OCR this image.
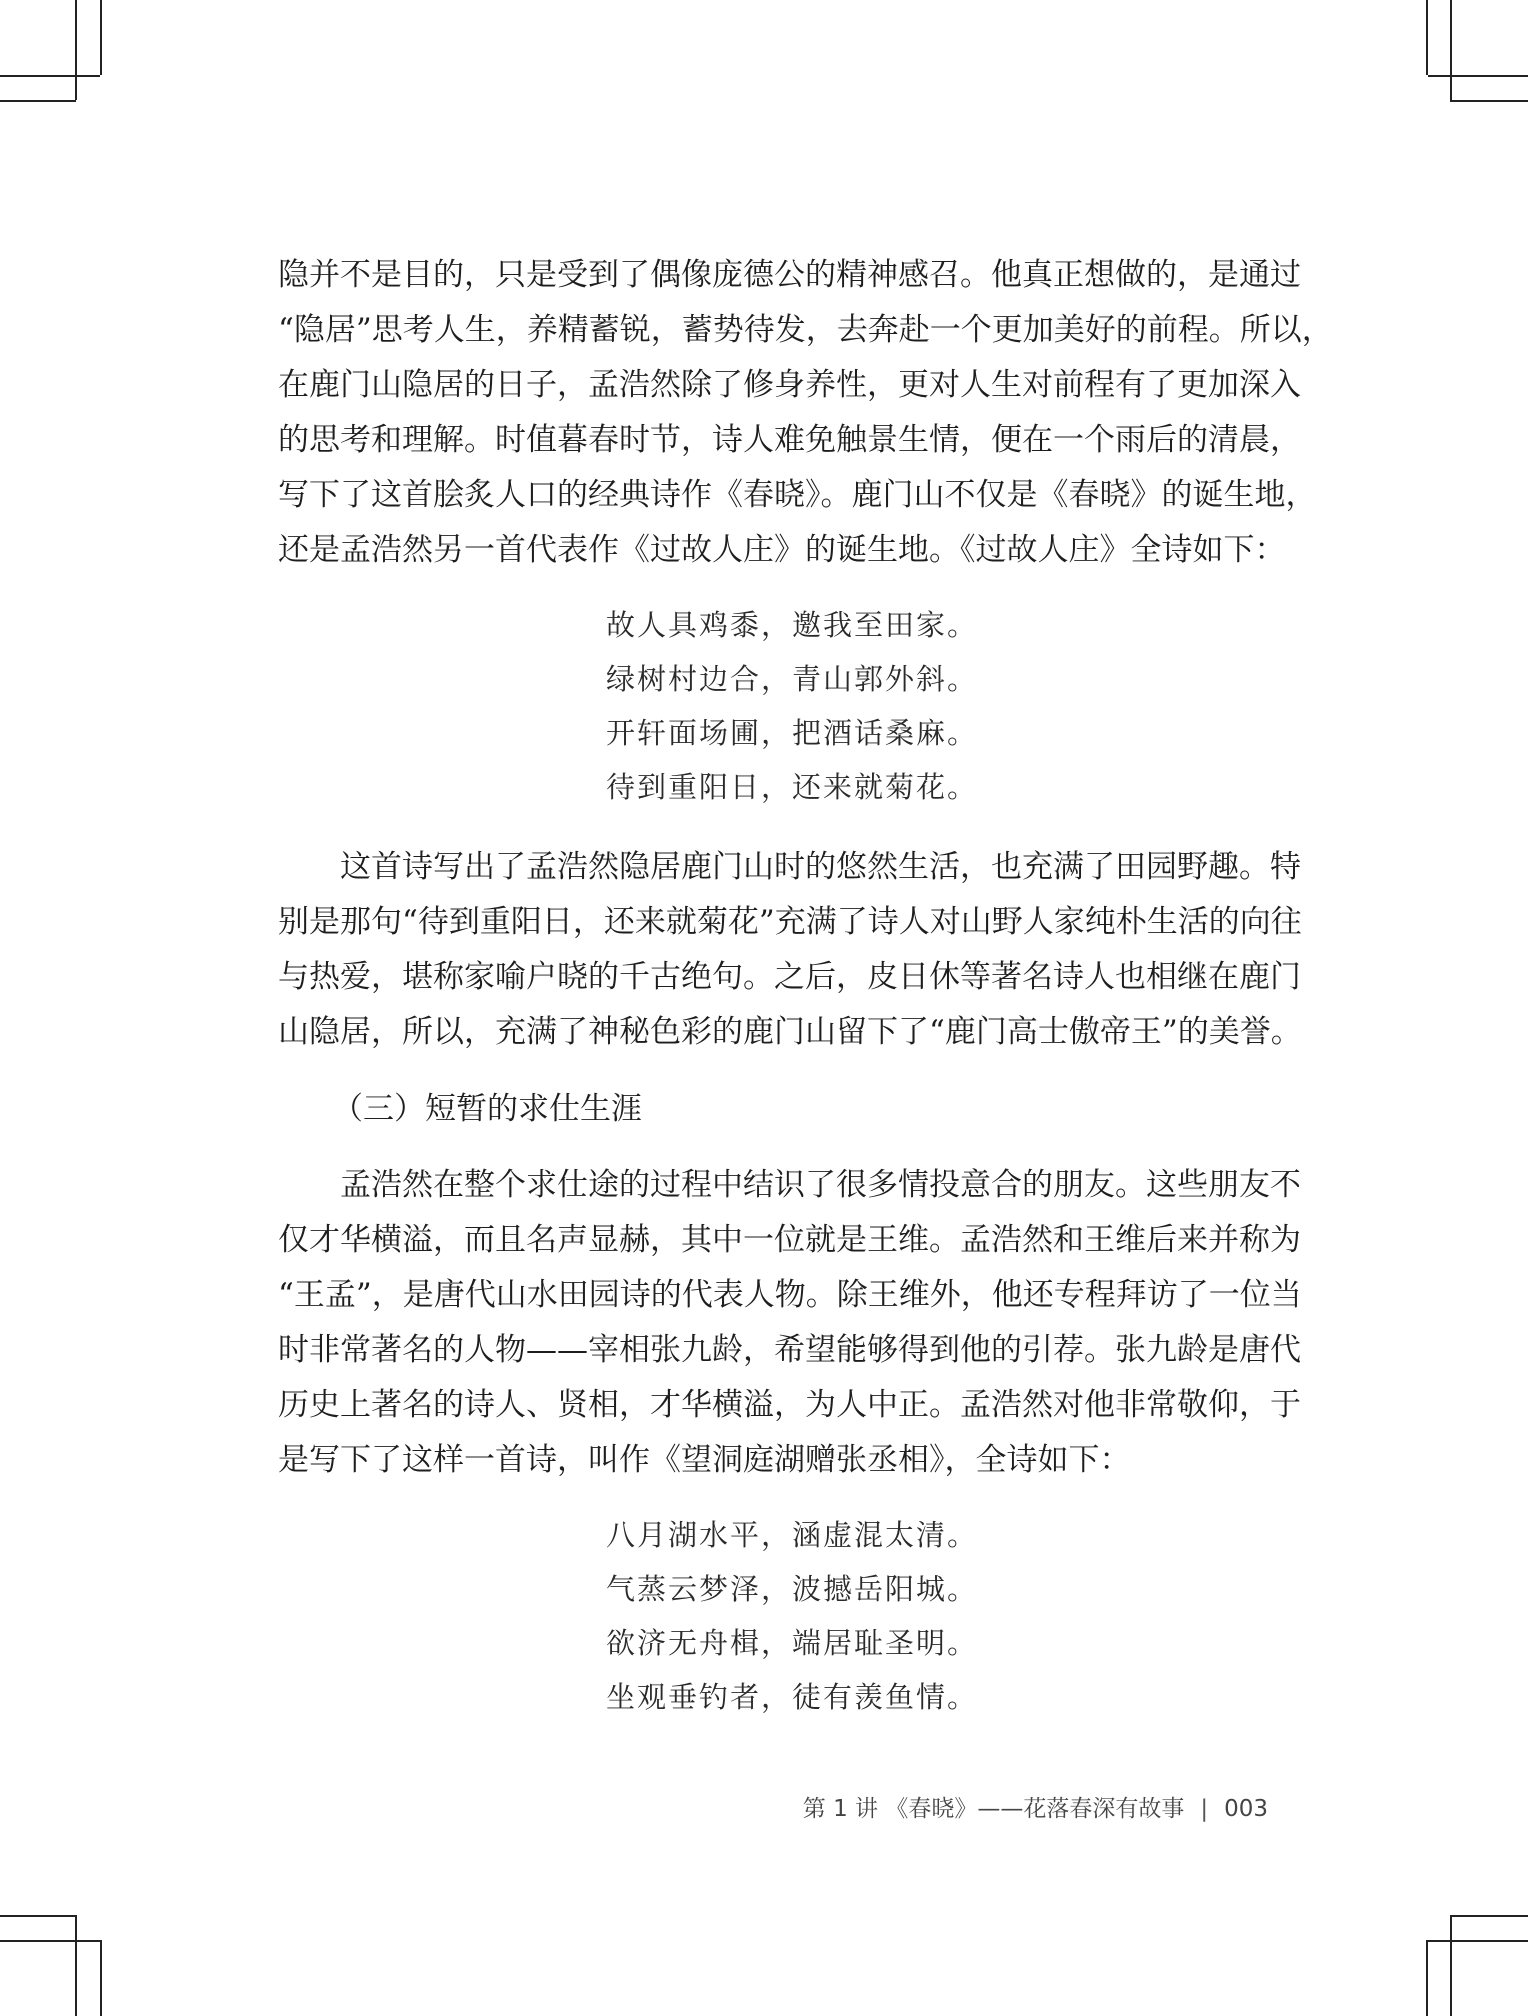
隐并不是目的，只是受到了偶像庞德公的精神感召。他真正想做的，是通过
“隐居”思考人生，养精蓄锐，蓄势待发，去奔赴一个更加美好的前程。所以，
在鹿门山隐居的日子，孟浩然除了修身养性，更对人生对前程有了更加深入
的思考和理解。时值暮春时节，诗人难免触景生情，便在一个雨后的清晨，
写下了这首脍炙人口的经典诗作《春晓》。鹿门山不仅是《春晓》的诞生地，
还是孟浩然另一首代表作《过故人庄》的诞生地。《过故人庄》全诗如下：
故人具鸡黍，邀我至田家。
绿树村边合，青山郭外斜。
开轩面场圃，把酒话桑麻。
待到重阳日，还来就菊花。
这首诗写出了孟浩然隐居鹿门山时的悠然生活，也充满了田园野趣。特
别是那句“待到重阳日，还来就菊花”充满了诗人对山野人家纯朴生活的向往
与热爱，堪称家喻户晓的千古绝句。之后，皮日休等著名诗人也相继在鹿门
山隐居，所以，充满了神秘色彩的鹿门山留下了“鹿门高士傲帝王”的美誉。
（三）短暂的求仕生涯
孟浩然在整个求仕途的过程中结识了很多情投意合的朋友。这些朋友不
仅才华横溢，而且名声显赫，其中一位就是王维。孟浩然和王维后来并称为
“王孟”，是唐代山水田园诗的代表人物。除王维外，他还专程拜访了一位当
时非常著名的人物——宰相张九龄，希望能够得到他的引荐。张九龄是唐代
历史上著名的诗人、贤相，才华横溢，为人中正。孟浩然对他非常敬仰，于
是写下了这样一首诗，叫作《望洞庭湖赠张丞相》，全诗如下：
八月湖水平，涵虚混太清。
气蒸云梦泽，波撼岳阳城。
欲济无舟楫，端居耻圣明。
坐观垂钓者，徒有羡鱼情。
第 1 讲 《春晓》——花落春深有故事 | 003
